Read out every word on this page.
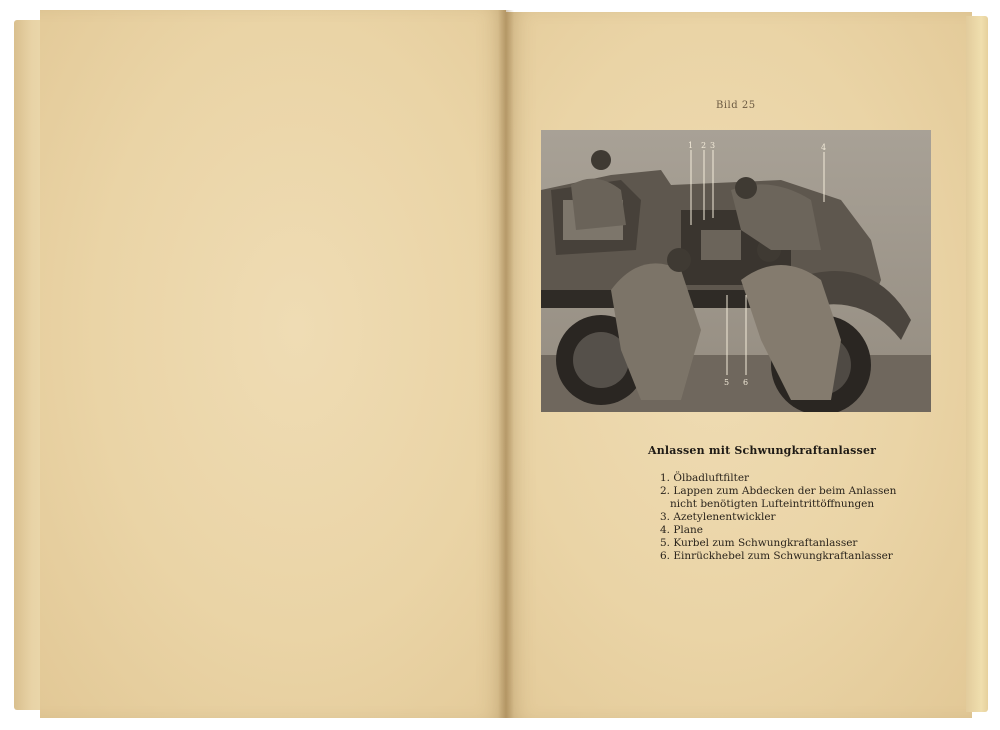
Bild 25
1 2 3	4
5 6
Anlassen mit Schwungkraftanlasser
1. Ölbadluftfilter
2. Lappen zum Abdecken der beim Anlassen
nicht benötigten Lufteintrittöffnungen
3. Azetylenentwickler
4. Plane
5. Kurbel zum Schwungkraftanlasser
6. Einrückhebel zum Schwungkraftanlasser
